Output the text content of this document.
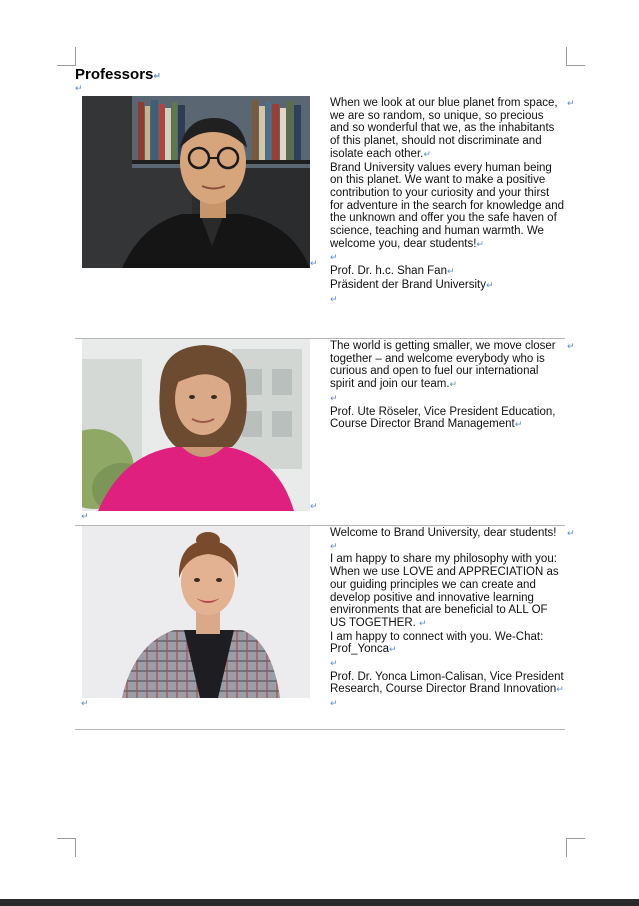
Professors↵
↵
↵

When we look at our blue planet from space, we are so random, so unique, so precious and so wonderful that we, as the inhabitants of this planet, should not discriminate and isolate each other.↵

Brand University values every human being on this planet. We want to make a positive contribution to your curiosity and your thirst for adventure in the search for knowledge and the unknown and offer you the safe haven of science, teaching and human warmth. We welcome you, dear students!↵

↵

Prof. Dr. h.c. Shan Fan↵

Präsident der Brand University↵

↵

↵
↵
↵

The world is getting smaller, we move closer together – and welcome everybody who is curious and open to fuel our international spirit and join our team.↵

↵

Prof. Ute Röseler, Vice President Education, Course Director Brand Management↵

↵
↵

Welcome to Brand University, dear students! ↵

I am happy to share my philosophy with you: When we use LOVE and APPRECIATION as our guiding principles we can create and develop positive and innovative learning environments that are beneficial to ALL OF US TOGETHER. ↵

I am happy to connect with you. We-Chat: Prof_Yonca↵

↵

Prof. Dr. Yonca Limon-Calisan, Vice President Research, Course Director Brand Innovation↵

↵

↵
